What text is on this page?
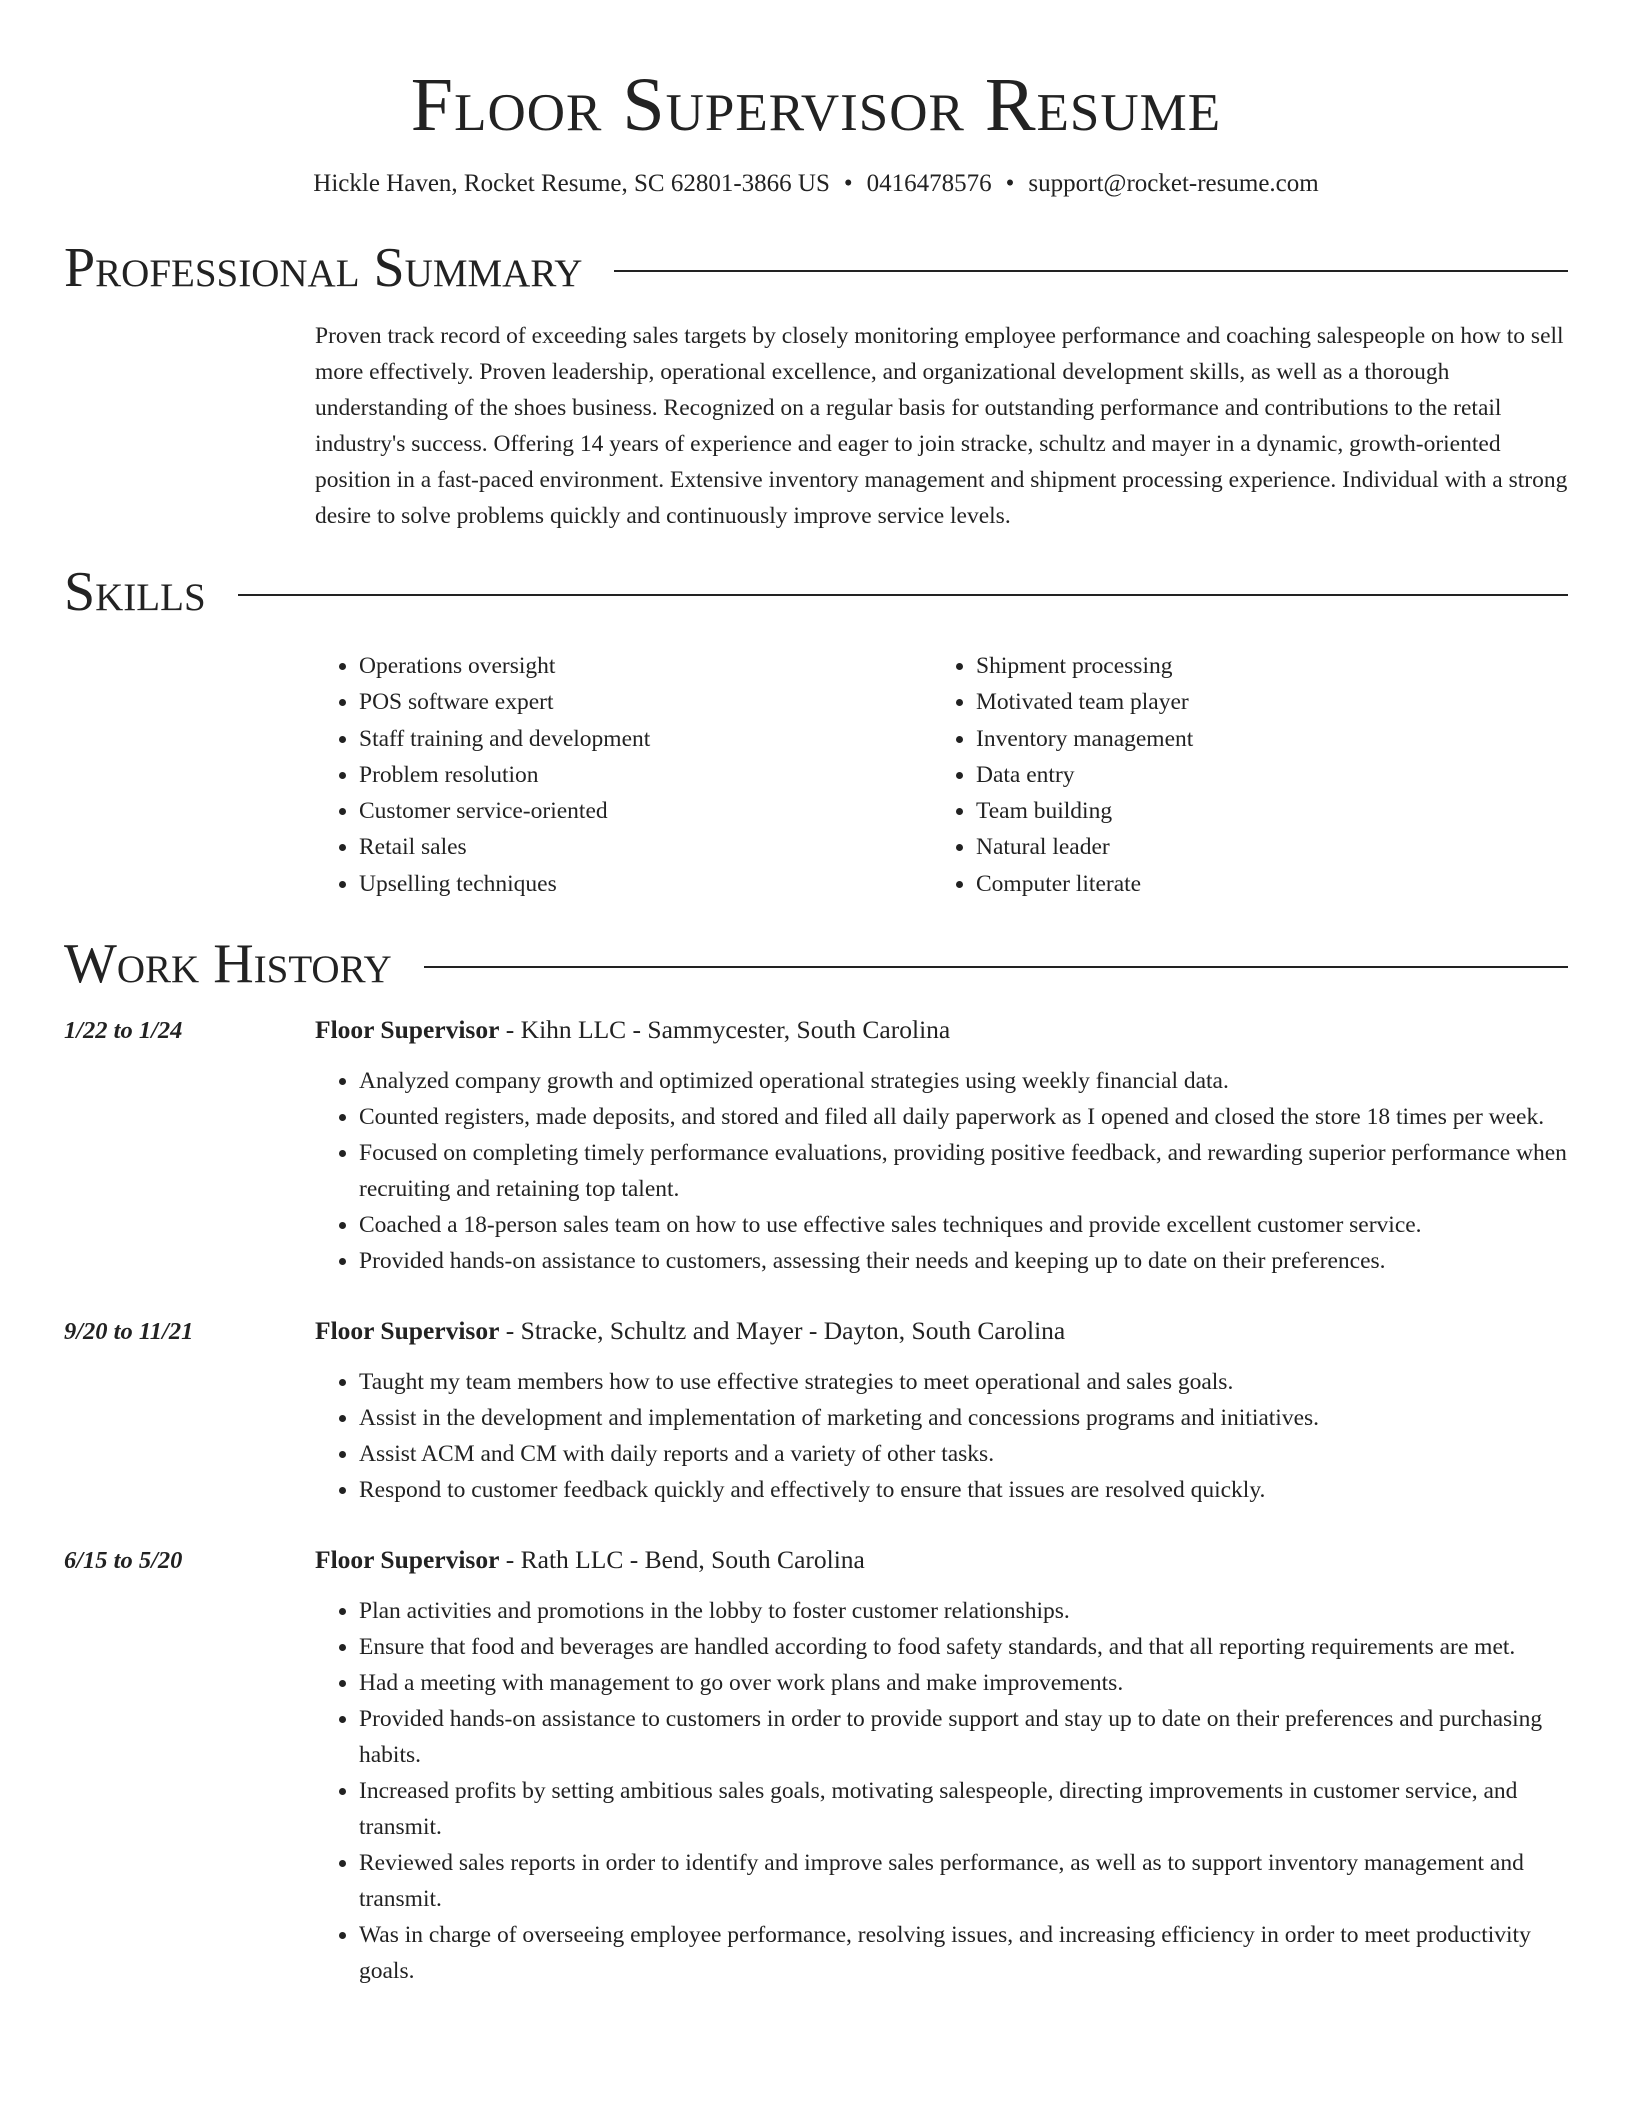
Floor Supervisor Resume
Hickle Haven, Rocket Resume, SC 62801-3866 US • 0416478576 • support@rocket-resume.com
Professional Summary
Proven track record of exceeding sales targets by closely monitoring employee performance and coaching salespeople on how to sell more effectively. Proven leadership, operational excellence, and organizational development skills, as well as a thorough understanding of the shoes business. Recognized on a regular basis for outstanding performance and contributions to the retail industry's success. Offering 14 years of experience and eager to join stracke, schultz and mayer in a dynamic, growth-oriented position in a fast-paced environment. Extensive inventory management and shipment processing experience. Individual with a strong desire to solve problems quickly and continuously improve service levels.
Skills
• Operations oversight
• POS software expert
• Staff training and development
• Problem resolution
• Customer service-oriented
• Retail sales
• Upselling techniques
• Shipment processing
• Motivated team player
• Inventory management
• Data entry
• Team building
• Natural leader
• Computer literate
Work History
1/22 to 1/24	Floor Supervisor - Kihn LLC - Sammycester, South Carolina
• Analyzed company growth and optimized operational strategies using weekly financial data.
• Counted registers, made deposits, and stored and filed all daily paperwork as I opened and closed the store 18 times per week.
• Focused on completing timely performance evaluations, providing positive feedback, and rewarding superior performance when recruiting and retaining top talent.
• Coached a 18-person sales team on how to use effective sales techniques and provide excellent customer service.
• Provided hands-on assistance to customers, assessing their needs and keeping up to date on their preferences.
9/20 to 11/21	Floor Supervisor - Stracke, Schultz and Mayer - Dayton, South Carolina
• Taught my team members how to use effective strategies to meet operational and sales goals.
• Assist in the development and implementation of marketing and concessions programs and initiatives.
• Assist ACM and CM with daily reports and a variety of other tasks.
• Respond to customer feedback quickly and effectively to ensure that issues are resolved quickly.
6/15 to 5/20	Floor Supervisor - Rath LLC - Bend, South Carolina
• Plan activities and promotions in the lobby to foster customer relationships.
• Ensure that food and beverages are handled according to food safety standards, and that all reporting requirements are met.
• Had a meeting with management to go over work plans and make improvements.
• Provided hands-on assistance to customers in order to provide support and stay up to date on their preferences and purchasing habits.
• Increased profits by setting ambitious sales goals, motivating salespeople, directing improvements in customer service, and transmit.
• Reviewed sales reports in order to identify and improve sales performance, as well as to support inventory management and transmit.
• Was in charge of overseeing employee performance, resolving issues, and increasing efficiency in order to meet productivity goals.
